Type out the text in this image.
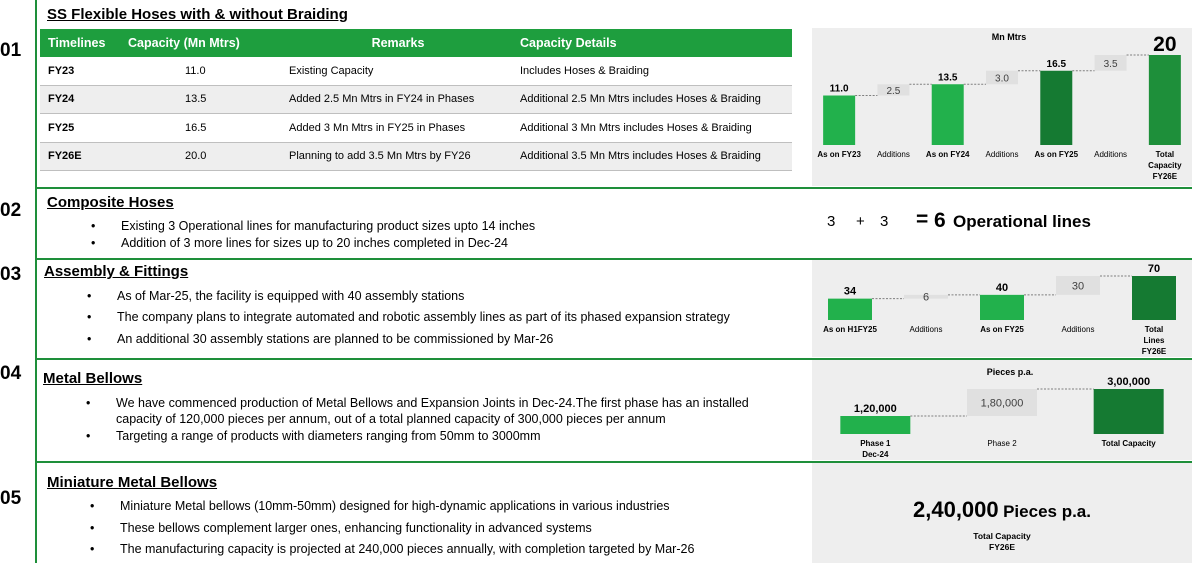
01
02
03
04
05
SS Flexible Hoses with & without Braiding
Timelines	Capacity (Mn Mtrs)	Remarks	Capacity Details
FY23	11.0	Existing Capacity	Includes Hoses & Braiding
FY24	13.5	Added 2.5 Mn Mtrs in FY24 in Phases	Additional 2.5 Mn Mtrs includes Hoses & Braiding
FY25	16.5	Added 3 Mn Mtrs in FY25 in Phases	Additional 3 Mn Mtrs includes Hoses & Braiding
FY26E	20.0	Planning to add 3.5 Mn Mtrs by FY26	Additional 3.5 Mn Mtrs includes Hoses & Braiding
Composite Hoses
• Existing 3 Operational lines for manufacturing product sizes upto 14 inches
• Addition of 3 more lines for sizes up to 20 inches completed in Dec-24
Assembly & Fittings
• As of Mar-25, the facility is equipped with 40 assembly stations
• The company plans to integrate automated and robotic assembly lines as part of its phased expansion strategy
• An additional 30 assembly stations are planned to be commissioned by Mar-26
Metal Bellows
• We have commenced production of Metal Bellows and Expansion Joints in Dec-24.The first phase has an installed
capacity of 120,000 pieces per annum, out of a total planned capacity of 300,000 pieces per annum
• Targeting a range of products with diameters ranging from 50mm to 3000mm
Miniature Metal Bellows
• Miniature Metal bellows (10mm-50mm) designed for high-dynamic applications in various industries
• These bellows complement larger ones, enhancing functionality in advanced systems
• The manufacturing capacity is projected at 240,000 pieces annually, with completion targeted by Mar-26
11.0
As on FY23
2.5
Additions
13.5
As on FY24
3.0
Additions
16.5
As on FY25
3.5
Additions
20
Total
Capacity
FY26E
Mn Mtrs
3 + 3 = 6 Operational lines
34
As on H1FY25
6
Additions
40
As on FY25
30
Additions
70
Total
Lines
FY26E
1,20,000
Phase 1
Dec-24
1,80,000
Phase 2
3,00,000
Total Capacity
Pieces p.a.
2,40,000 Pieces p.a.
Total Capacity
FY26E
